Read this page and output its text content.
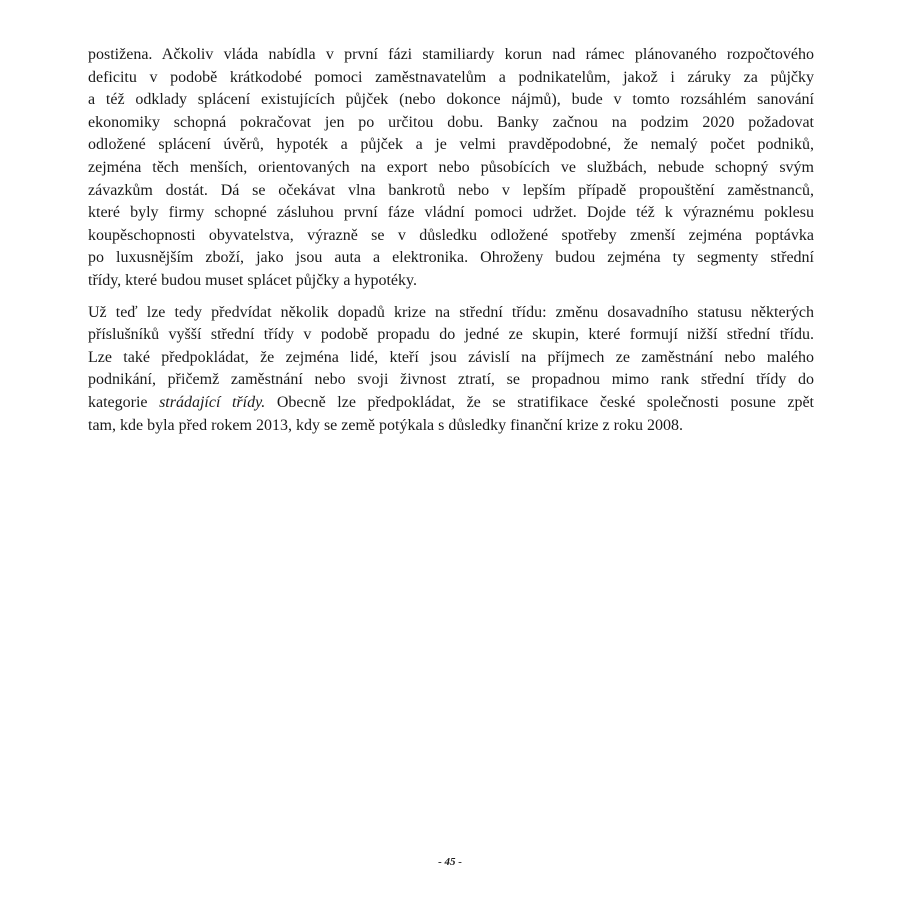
postižena. Ačkoliv vláda nabídla v první fázi stamiliardy korun nad rámec plánovaného rozpočtového
deficitu v podobě krátkodobé pomoci zaměstnavatelům a podnikatelům, jakož i záruky za půjčky
a též odklady splácení existujících půjček (nebo dokonce nájmů), bude v tomto rozsáhlém sanování
ekonomiky schopná pokračovat jen po určitou dobu. Banky začnou na podzim 2020 požadovat
odložené splácení úvěrů, hypoték a půjček a je velmi pravděpodobné, že nemalý počet podniků,
zejména těch menších, orientovaných na export nebo působících ve službách, nebude schopný svým
závazkům dostát. Dá se očekávat vlna bankrotů nebo v lepším případě propouštění zaměstnanců,
které byly firmy schopné zásluhou první fáze vládní pomoci udržet. Dojde též k výraznému poklesu
koupěschopnosti obyvatelstva, výrazně se v důsledku odložené spotřeby zmenší zejména poptávka
po luxusnějším zboží, jako jsou auta a elektronika. Ohroženy budou zejména ty segmenty střední
třídy, které budou muset splácet půjčky a hypotéky.

Už teď lze tedy předvídat několik dopadů krize na střední třídu: změnu dosavadního statusu některých
příslušníků vyšší střední třídy v podobě propadu do jedné ze skupin, které formují nižší střední třídu.
Lze také předpokládat, že zejména lidé, kteří jsou závislí na příjmech ze zaměstnání nebo malého
podnikání, přičemž zaměstnání nebo svoji živnost ztratí, se propadnou mimo rank střední třídy do
kategorie strádající třídy. Obecně lze předpokládat, že se stratifikace české společnosti posune zpět
tam, kde byla před rokem 2013, kdy se země potýkala s důsledky finanční krize z roku 2008.

- 45 -
